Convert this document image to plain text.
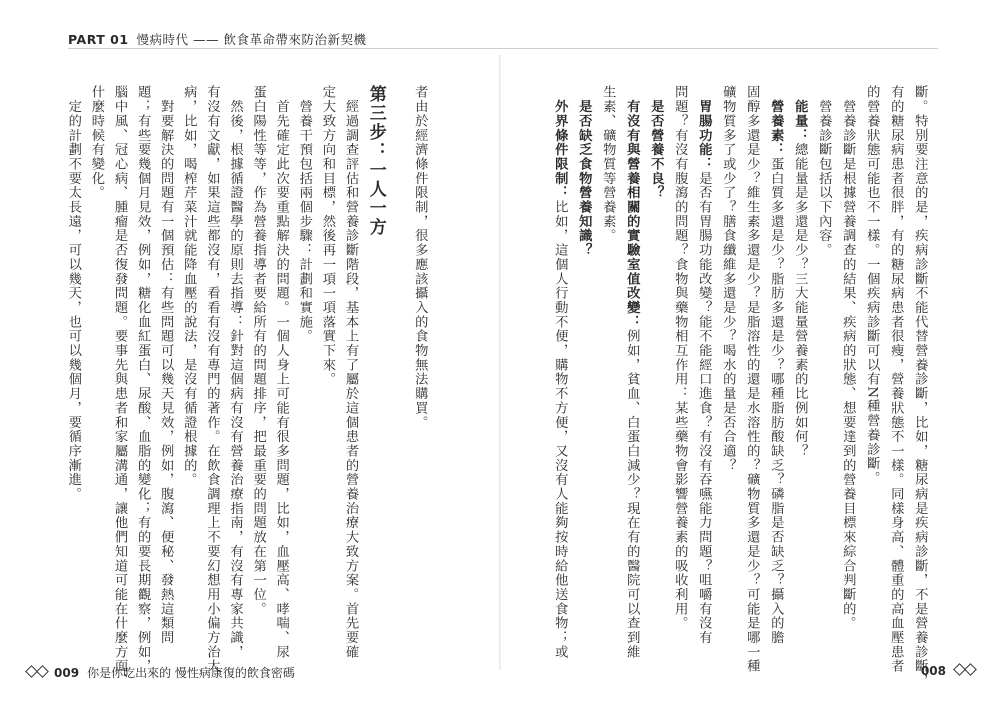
PART 01 慢病時代 —— 飲食革命帶來防治新契機
斷。特別要注意的是，疾病診斷不能代替營養診斷，比如，糖尿病是疾病診斷，不是營養診斷，
有的糖尿病患者很胖，有的糖尿病患者很瘦，營養狀態不一樣。同樣身高、體重的高血壓患者
的營養狀態可能也不一樣。一個疾病診斷可以有N種營養診斷。
　營養診斷是根據營養調查的結果、疾病的狀態、想要達到的營養目標來綜合判斷的。
　營養診斷包括以下內容。
　能量：總能量是多還是少？三大能量營養素的比例如何？
　營養素：蛋白質多還是少？脂肪多還是少？哪種脂肪酸缺乏？磷脂是否缺乏？攝入的膽
固醇多還是少？維生素多還是少？是脂溶性的還是水溶性的？礦物質多還是少？可能是哪一種
礦物質多了或少了？膳食纖維多還是少？喝水的量是否合適？
　胃腸功能：是否有胃腸功能改變？能不能經口進食？有沒有吞嚥能力問題？咀嚼有沒有
問題？有沒有腹瀉的問題？食物與藥物相互作用：某些藥物會影響營養素的吸收利用。
　是否營養不良？
　有沒有與營養相關的實驗室值改變：例如，貧血、白蛋白減少？現在有的醫院可以查到維
生素、礦物質等營養素。
　是否缺乏食物營養知識？
　外界條件限制：比如，這個人行動不便，購物不方便，又沒有人能夠按時給他送食物；或
者由於經濟條件限制，很多應該攝入的食物無法購買。
第三步：一人一方
　經過調查評估和營養診斷階段，基本上有了屬於這個患者的營養治療大致方案。首先要確
定大致方向和目標，然後再一項一項落實下來。
　營養干預包括兩個步驟：計劃和實施。
　首先確定此次要重點解決的問題。一個人身上可能有很多問題，比如，血壓高、哮喘、尿
蛋白陽性等等，作為營養指導者要給所有的問題排序，把最重要的問題放在第一位。
　然後，根據循證醫學的原則去指導：針對這個病有沒有營養治療指南，有沒有專家共識，
有沒有文獻，如果這些都沒有，看看有沒有專門的著作。在飲食調理上不要幻想用小偏方治大
病，比如，喝榨芹菜汁就能降血壓的說法，是沒有循證根據的。
　對要解決的問題有一個預估：有些問題可以幾天見效，例如，腹瀉、便秘、發熱這類問
題；有些要幾個月見效，例如，糖化血紅蛋白、尿酸、血脂的變化；有的要長期觀察，例如，
腦中風、冠心病、腫瘤是否復發問題。要事先與患者和家屬溝通，讓他們知道可能在什麼方面、
什麼時候有變化。
　定的計劃不要太長遠，可以幾天，也可以幾個月，要循序漸進。
009 你是你吃出來的 慢性病康復的飲食密碼	008
